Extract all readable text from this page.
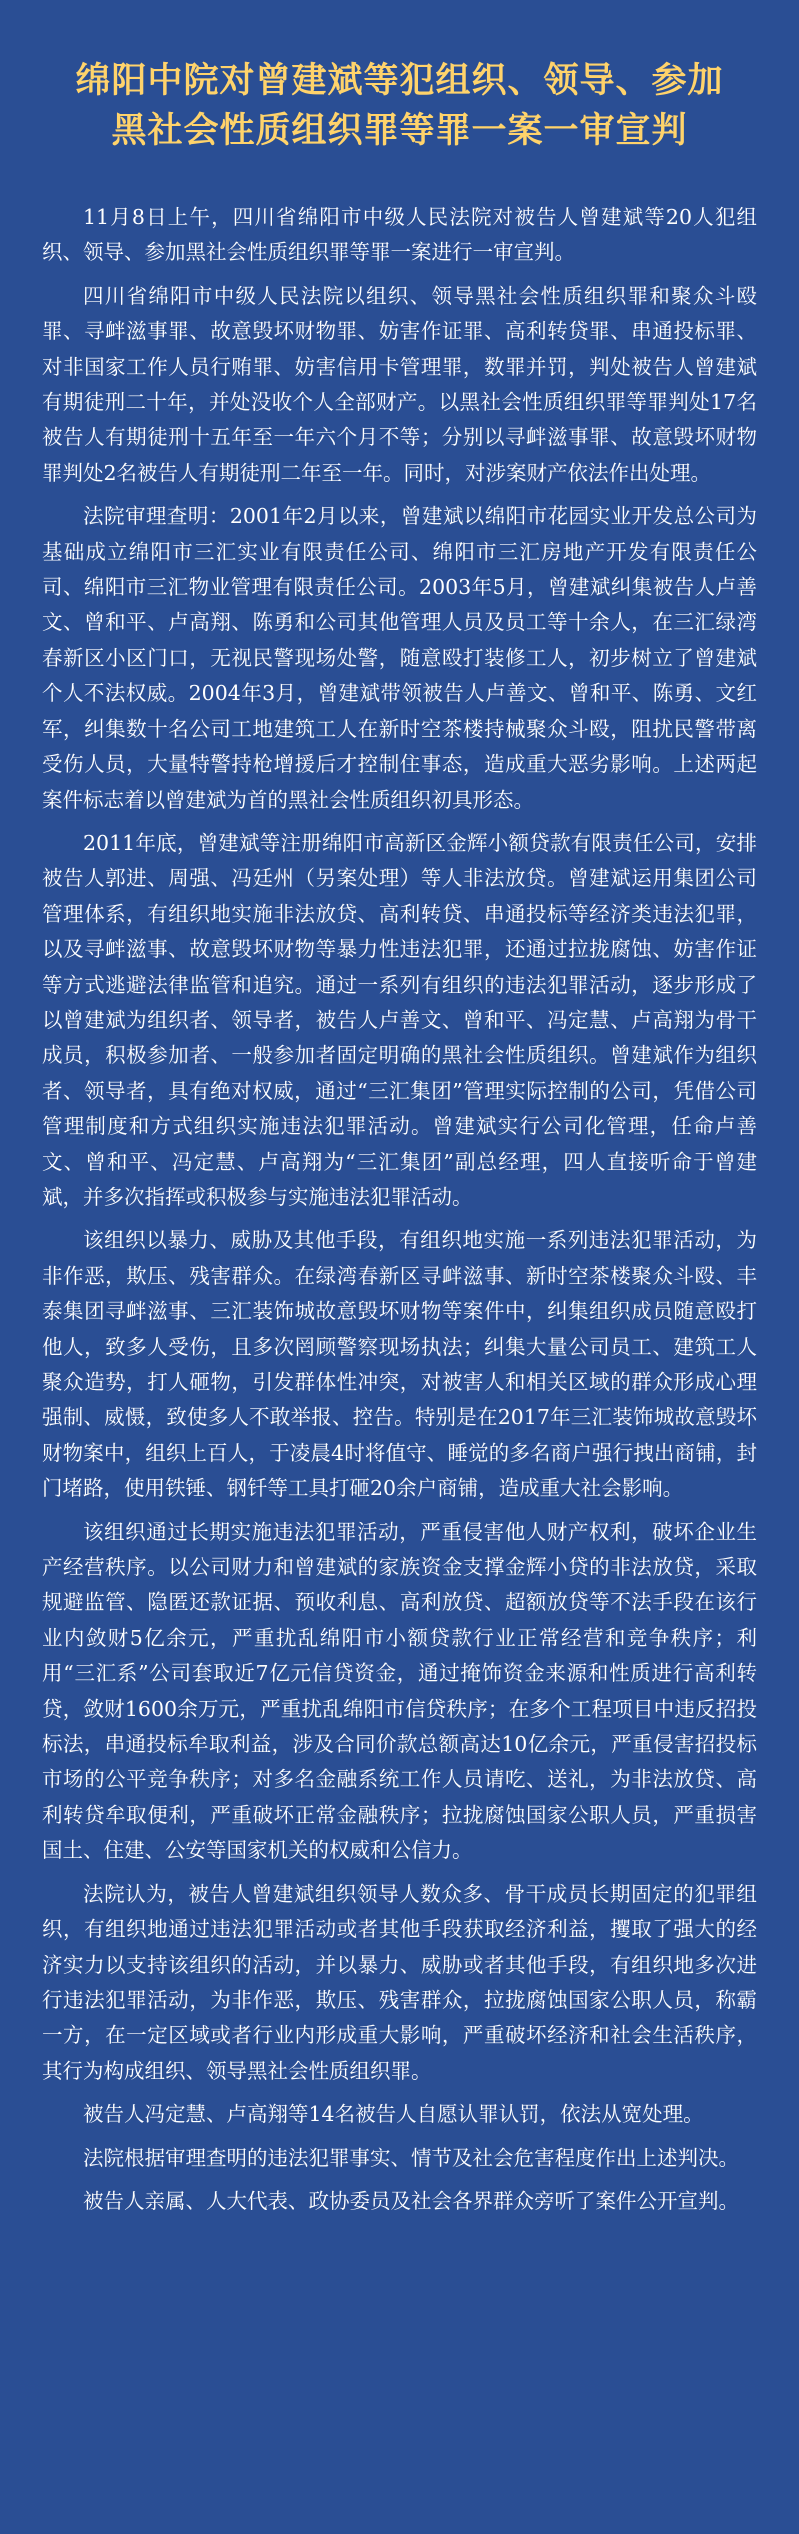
绵阳中院对曾建斌等犯组织、领导、参加
黑社会性质组织罪等罪一案一审宣判

11月8日上午，四川省绵阳市中级人民法院对被告人曾建斌等20人犯组织、领导、参加黑社会性质组织罪等罪一案进行一审宣判。

四川省绵阳市中级人民法院以组织、领导黑社会性质组织罪和聚众斗殴罪、寻衅滋事罪、故意毁坏财物罪、妨害作证罪、高利转贷罪、串通投标罪、对非国家工作人员行贿罪、妨害信用卡管理罪，数罪并罚，判处被告人曾建斌有期徒刑二十年，并处没收个人全部财产。以黑社会性质组织罪等罪判处17名被告人有期徒刑十五年至一年六个月不等；分别以寻衅滋事罪、故意毁坏财物罪判处2名被告人有期徒刑二年至一年。同时，对涉案财产依法作出处理。

法院审理查明：2001年2月以来，曾建斌以绵阳市花园实业开发总公司为基础成立绵阳市三汇实业有限责任公司、绵阳市三汇房地产开发有限责任公司、绵阳市三汇物业管理有限责任公司。2003年5月，曾建斌纠集被告人卢善文、曾和平、卢高翔、陈勇和公司其他管理人员及员工等十余人，在三汇绿湾春新区小区门口，无视民警现场处警，随意殴打装修工人，初步树立了曾建斌个人不法权威。2004年3月，曾建斌带领被告人卢善文、曾和平、陈勇、文红军，纠集数十名公司工地建筑工人在新时空茶楼持械聚众斗殴，阻扰民警带离受伤人员，大量特警持枪增援后才控制住事态，造成重大恶劣影响。上述两起案件标志着以曾建斌为首的黑社会性质组织初具形态。

2011年底，曾建斌等注册绵阳市高新区金辉小额贷款有限责任公司，安排被告人郭进、周强、冯廷州（另案处理）等人非法放贷。曾建斌运用集团公司管理体系，有组织地实施非法放贷、高利转贷、串通投标等经济类违法犯罪，以及寻衅滋事、故意毁坏财物等暴力性违法犯罪，还通过拉拢腐蚀、妨害作证等方式逃避法律监管和追究。通过一系列有组织的违法犯罪活动，逐步形成了以曾建斌为组织者、领导者，被告人卢善文、曾和平、冯定慧、卢高翔为骨干成员，积极参加者、一般参加者固定明确的黑社会性质组织。曾建斌作为组织者、领导者，具有绝对权威，通过“三汇集团”管理实际控制的公司，凭借公司管理制度和方式组织实施违法犯罪活动。曾建斌实行公司化管理，任命卢善文、曾和平、冯定慧、卢高翔为“三汇集团”副总经理，四人直接听命于曾建斌，并多次指挥或积极参与实施违法犯罪活动。

该组织以暴力、威胁及其他手段，有组织地实施一系列违法犯罪活动，为非作恶，欺压、残害群众。在绿湾春新区寻衅滋事、新时空茶楼聚众斗殴、丰泰集团寻衅滋事、三汇装饰城故意毁坏财物等案件中，纠集组织成员随意殴打他人，致多人受伤，且多次罔顾警察现场执法；纠集大量公司员工、建筑工人聚众造势，打人砸物，引发群体性冲突，对被害人和相关区域的群众形成心理强制、威慑，致使多人不敢举报、控告。特别是在2017年三汇装饰城故意毁坏财物案中，组织上百人，于凌晨4时将值守、睡觉的多名商户强行拽出商铺，封门堵路，使用铁锤、钢钎等工具打砸20余户商铺，造成重大社会影响。

该组织通过长期实施违法犯罪活动，严重侵害他人财产权利，破坏企业生产经营秩序。以公司财力和曾建斌的家族资金支撑金辉小贷的非法放贷，采取规避监管、隐匿还款证据、预收利息、高利放贷、超额放贷等不法手段在该行业内敛财5亿余元，严重扰乱绵阳市小额贷款行业正常经营和竞争秩序；利用“三汇系”公司套取近7亿元信贷资金，通过掩饰资金来源和性质进行高利转贷，敛财1600余万元，严重扰乱绵阳市信贷秩序；在多个工程项目中违反招投标法，串通投标牟取利益，涉及合同价款总额高达10亿余元，严重侵害招投标市场的公平竞争秩序；对多名金融系统工作人员请吃、送礼，为非法放贷、高利转贷牟取便利，严重破坏正常金融秩序；拉拢腐蚀国家公职人员，严重损害国土、住建、公安等国家机关的权威和公信力。

法院认为，被告人曾建斌组织领导人数众多、骨干成员长期固定的犯罪组织，有组织地通过违法犯罪活动或者其他手段获取经济利益，攫取了强大的经济实力以支持该组织的活动，并以暴力、威胁或者其他手段，有组织地多次进行违法犯罪活动，为非作恶，欺压、残害群众，拉拢腐蚀国家公职人员，称霸一方，在一定区域或者行业内形成重大影响，严重破坏经济和社会生活秩序，其行为构成组织、领导黑社会性质组织罪。

被告人冯定慧、卢高翔等14名被告人自愿认罪认罚，依法从宽处理。

法院根据审理查明的违法犯罪事实、情节及社会危害程度作出上述判决。

被告人亲属、人大代表、政协委员及社会各界群众旁听了案件公开宣判。
